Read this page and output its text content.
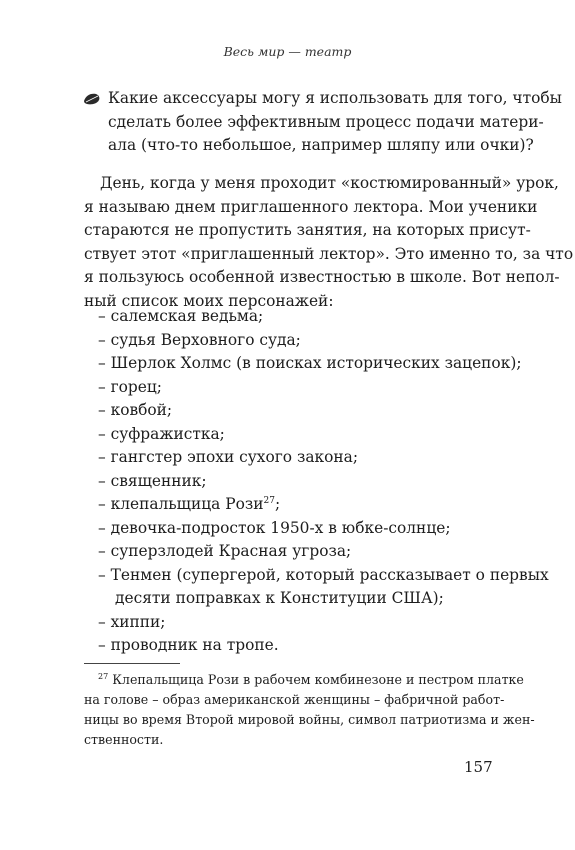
Весь мир — театр
Какие аксессуары могу я использовать для того, чтобы
сделать более эффективным процесс подачи матери-
ала (что-то небольшое, например шляпу или очки)?
День, когда у меня проходит «костюмированный» урок,
я называю днем приглашенного лектора. Мои ученики
стараются не пропустить занятия, на которых присут-
ствует этот «приглашенный лектор». Это именно то, за что
я пользуюсь особенной известностью в школе. Вот непол-
ный список моих персонажей:
– салемская ведьма;
– судья Верховного суда;
– Шерлок Холмс (в поисках исторических зацепок);
– горец;
– ковбой;
– суфражистка;
– гангстер эпохи сухого закона;
– священник;
– клепальщица Рози$^{27}$;
– девочка-подросток 1950-х в юбке-солнце;
– суперзлодей Красная угроза;
– Тенмен (супергерой, который рассказывает о первых
десяти поправках к Конституции США);
– хиппи;
– проводник на тропе.
$^{27}$ Клепальщица Рози в рабочем комбинезоне и пестром платке
на голове – образ американской женщины – фабричной работ-
ницы во время Второй мировой войны, символ патриотизма и жен-
ственности.
157
